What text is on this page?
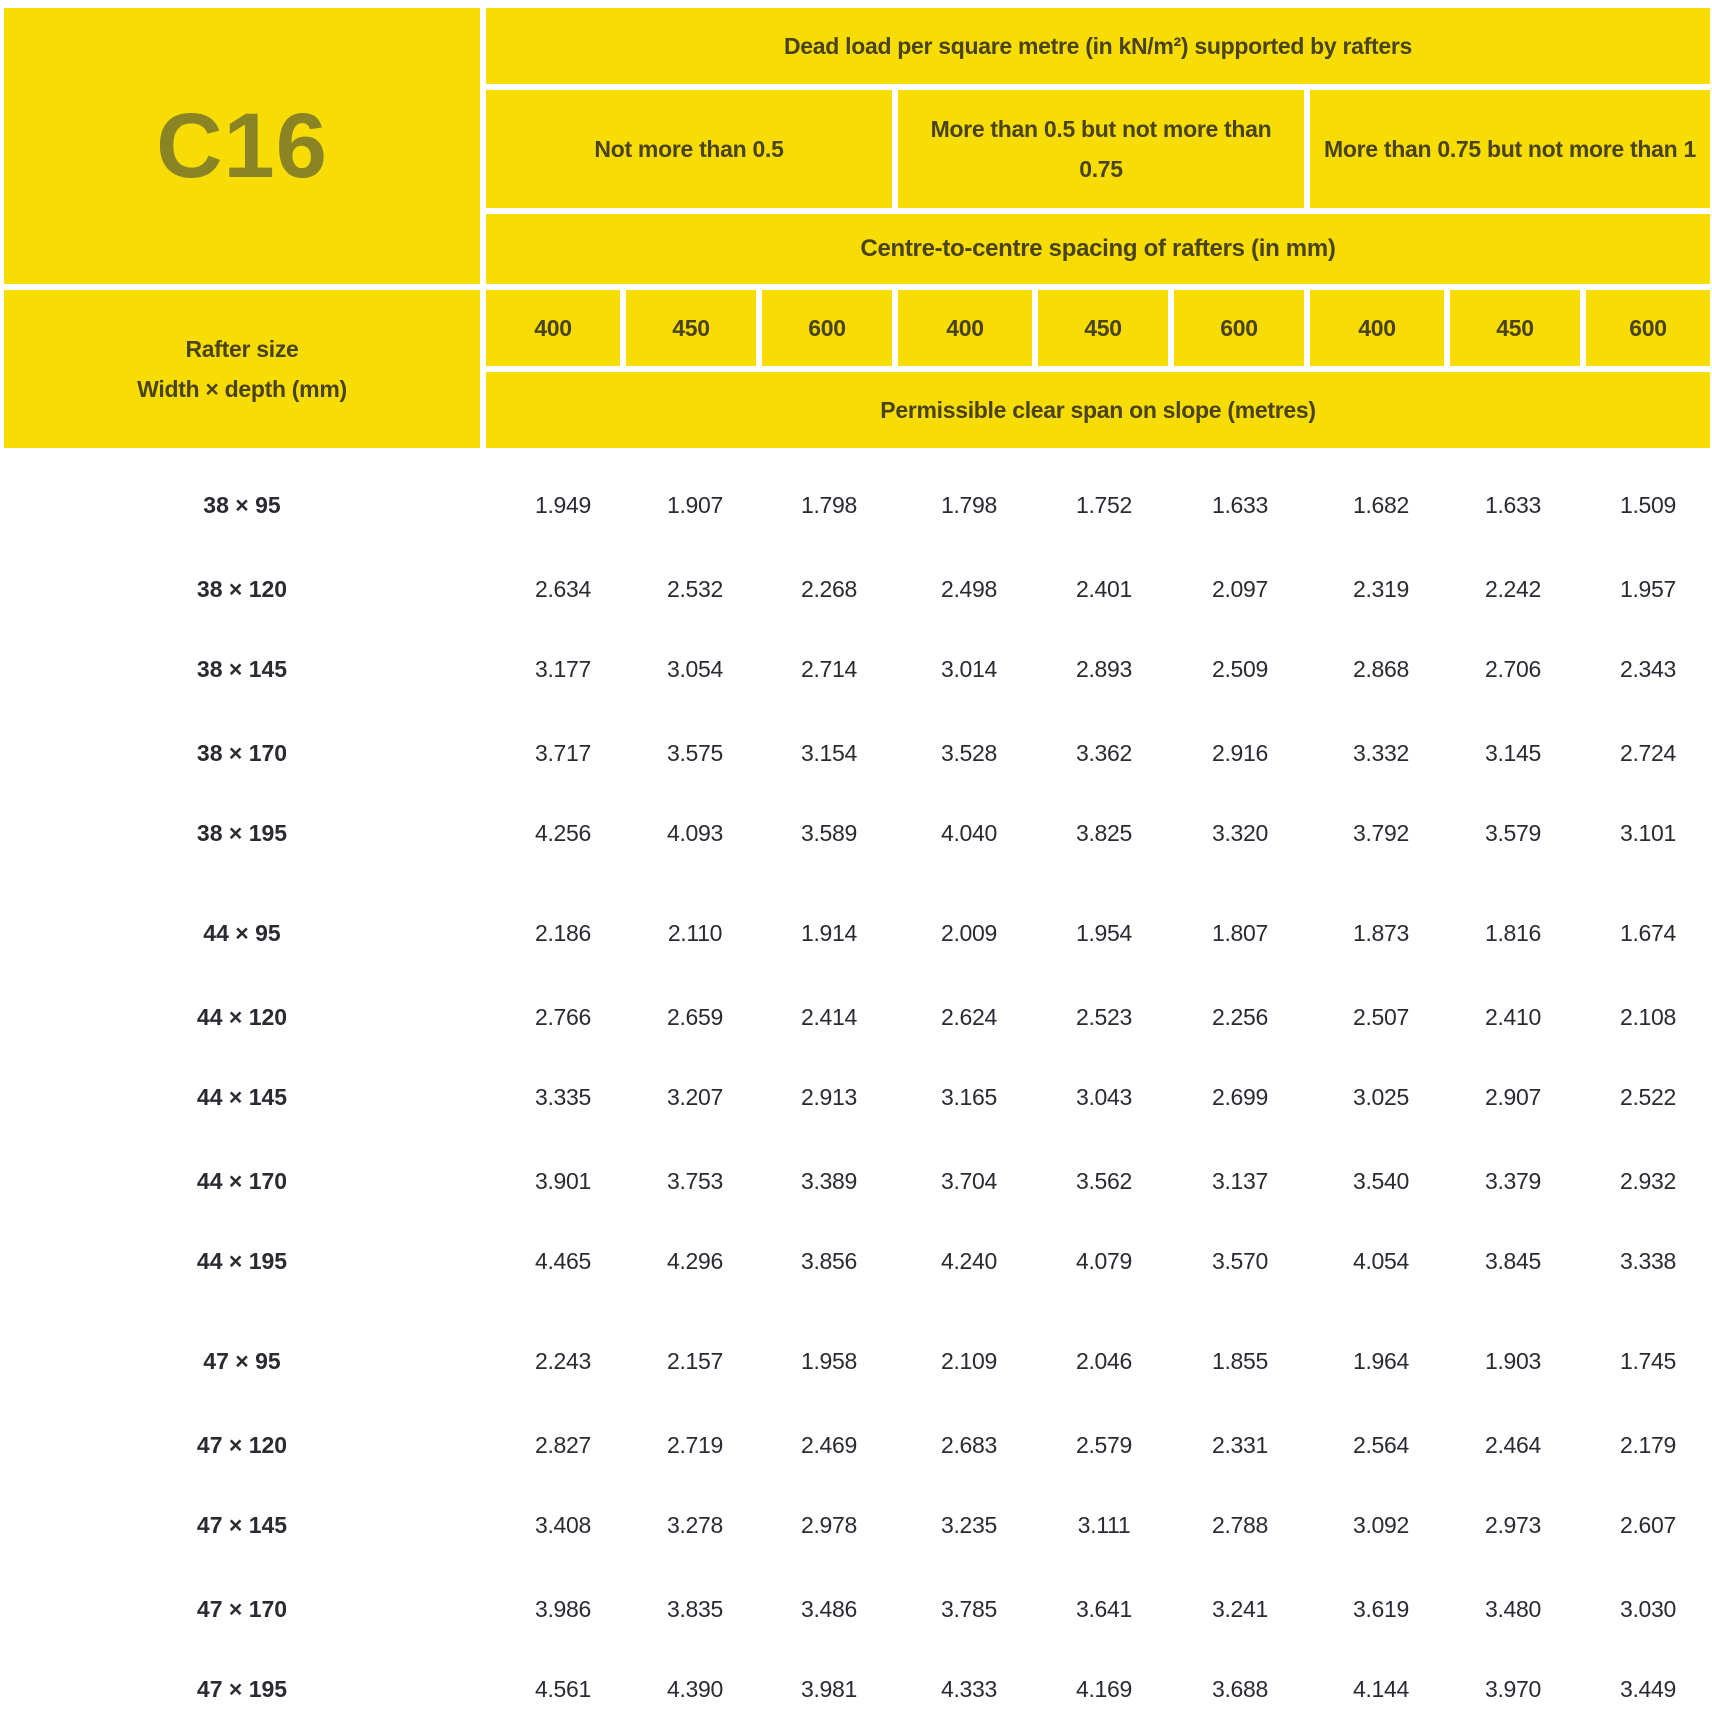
C16
Rafter size
Width × depth (mm)
Dead load per square metre (in kN/m²) supported by rafters
Not more than 0.5
More than 0.5 but not more than 0.75
More than 0.75 but not more than 1
Centre-to-centre spacing of rafters (in mm)
400	450	600	400	450	600	400	450	600
Permissible clear span on slope (metres)
38 × 95	1.949	1.907	1.798	1.798	1.752	1.633	1.682	1.633	1.509
38 × 120	2.634	2.532	2.268	2.498	2.401	2.097	2.319	2.242	1.957
38 × 145	3.177	3.054	2.714	3.014	2.893	2.509	2.868	2.706	2.343
38 × 170	3.717	3.575	3.154	3.528	3.362	2.916	3.332	3.145	2.724
38 × 195	4.256	4.093	3.589	4.040	3.825	3.320	3.792	3.579	3.101
44 × 95	2.186	2.110	1.914	2.009	1.954	1.807	1.873	1.816	1.674
44 × 120	2.766	2.659	2.414	2.624	2.523	2.256	2.507	2.410	2.108
44 × 145	3.335	3.207	2.913	3.165	3.043	2.699	3.025	2.907	2.522
44 × 170	3.901	3.753	3.389	3.704	3.562	3.137	3.540	3.379	2.932
44 × 195	4.465	4.296	3.856	4.240	4.079	3.570	4.054	3.845	3.338
47 × 95	2.243	2.157	1.958	2.109	2.046	1.855	1.964	1.903	1.745
47 × 120	2.827	2.719	2.469	2.683	2.579	2.331	2.564	2.464	2.179
47 × 145	3.408	3.278	2.978	3.235	3.111	2.788	3.092	2.973	2.607
47 × 170	3.986	3.835	3.486	3.785	3.641	3.241	3.619	3.480	3.030
47 × 195	4.561	4.390	3.981	4.333	4.169	3.688	4.144	3.970	3.449
